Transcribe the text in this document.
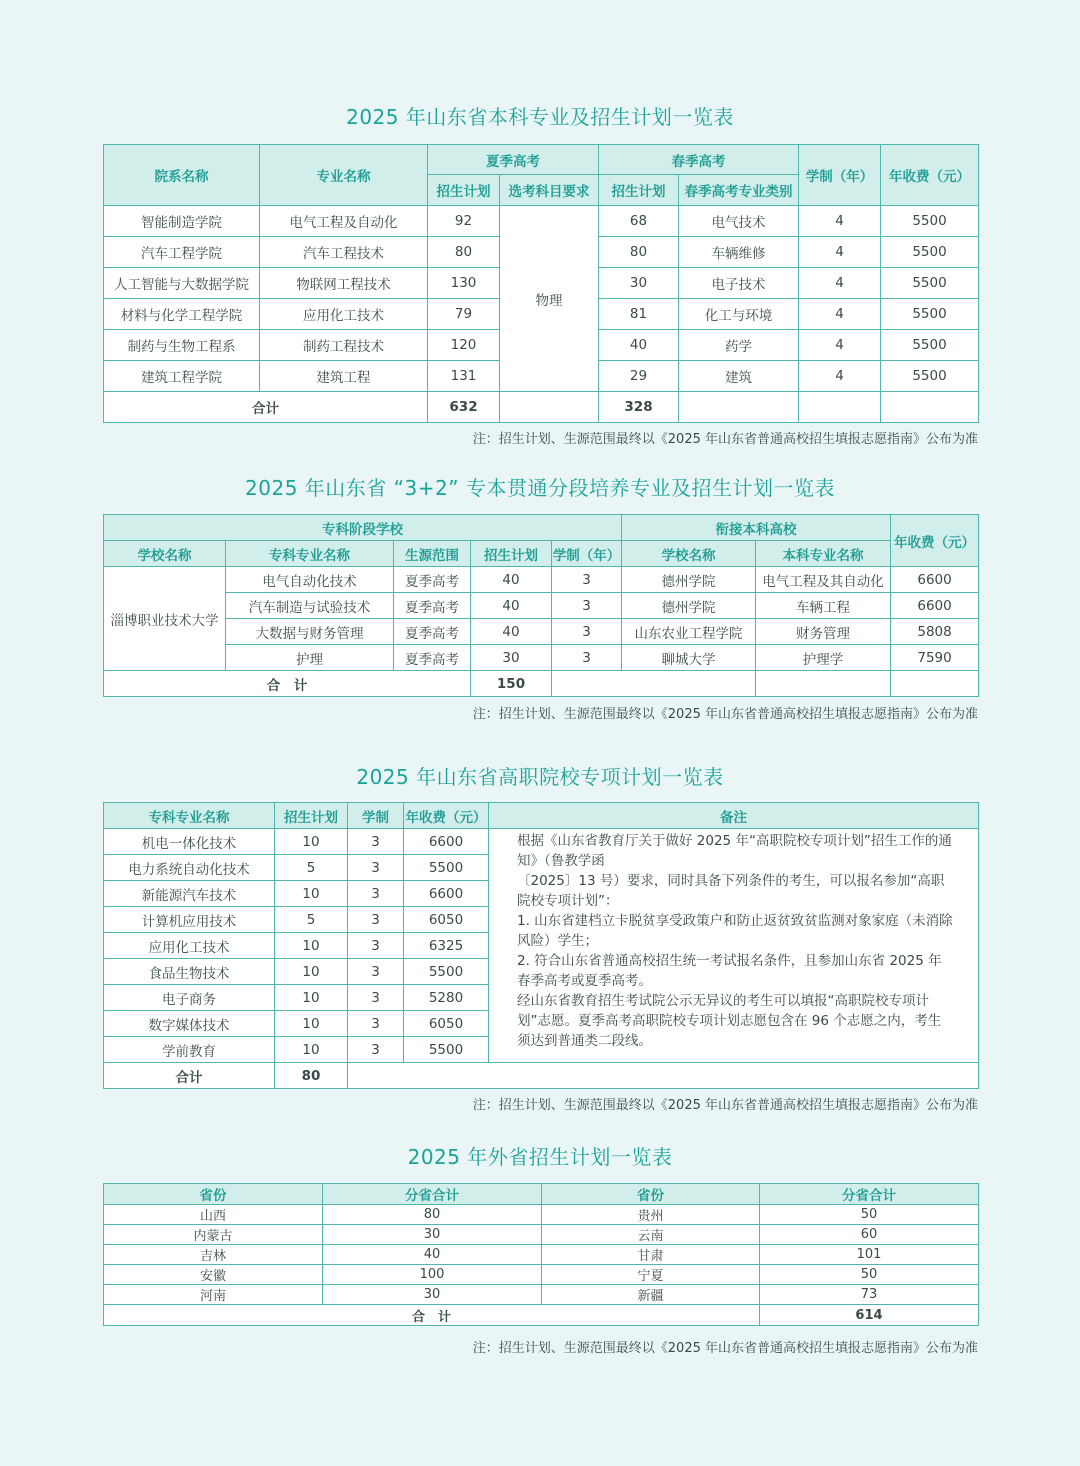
2025 年山东省本科专业及招生计划一览表
院系名称	专业名称	夏季高考		春季高考		学制（年）	年收费（元）
		招生计划	选考科目要求	招生计划	春季高考专业类别		
智能制造学院	电气工程及自动化	92	物理	68	电气技术	4	5500
汽车工程学院	汽车工程技术	80		80	车辆维修	4	5500
人工智能与大数据学院	物联网工程技术	130		30	电子技术	4	5500
材料与化学工程学院	应用化工技术	79		81	化工与环境	4	5500
制药与生物工程系	制药工程技术	120		40	药学	4	5500
建筑工程学院	建筑工程	131		29	建筑	4	5500
合计		632		328			
注：招生计划、生源范围最终以《2025 年山东省普通高校招生填报志愿指南》公布为准
2025 年山东省 “3+2” 专本贯通分段培养专业及招生计划一览表
专科阶段学校					衔接本科高校		年收费（元）
学校名称	专科专业名称	生源范围	招生计划	学制（年）	学校名称	本科专业名称	
淄博职业技术大学	电气自动化技术	夏季高考	40	3	德州学院	电气工程及其自动化	6600
	汽车制造与试验技术	夏季高考	40	3	德州学院	车辆工程	6600
	大数据与财务管理	夏季高考	40	3	山东农业工程学院	财务管理	5808
	护理	夏季高考	30	3	聊城大学	护理学	7590
合　计			150				
注：招生计划、生源范围最终以《2025 年山东省普通高校招生填报志愿指南》公布为准
2025 年山东省高职院校专项计划一览表
专科专业名称	招生计划	学制	年收费（元）	备注
机电一体化技术	10	3	6600	根据《山东省教育厅关于做好 2025 年“高职院校专项计划”招生工作的通知》（鲁教学函

〔2025〕13 号）要求，同时具备下列条件的考生，可以报名参加“高职院校专项计划”：

1. 山东省建档立卡脱贫享受政策户和防止返贫致贫监测对象家庭（未消除风险）学生；

2. 符合山东省普通高校招生统一考试报名条件，且参加山东省 2025 年春季高考或夏季高考。

经山东省教育招生考试院公示无异议的考生可以填报“高职院校专项计划”志愿。夏季高考高职院校专项计划志愿包含在 96 个志愿之内，考生须达到普通类二段线。

电力系统自动化技术	5	3	5500	
新能源汽车技术	10	3	6600	
计算机应用技术	5	3	6050	
应用化工技术	10	3	6325	
食品生物技术	10	3	5500	
电子商务	10	3	5280	
数字媒体技术	10	3	6050	
学前教育	10	3	5500	
合计	80			
注：招生计划、生源范围最终以《2025 年山东省普通高校招生填报志愿指南》公布为准
2025 年外省招生计划一览表
省份	分省合计	省份	分省合计
山西	80	贵州	50
内蒙古	30	云南	60
吉林	40	甘肃	101
安徽	100	宁夏	50
河南	30	新疆	73
合　计			614
注：招生计划、生源范围最终以《2025 年山东省普通高校招生填报志愿指南》公布为准
